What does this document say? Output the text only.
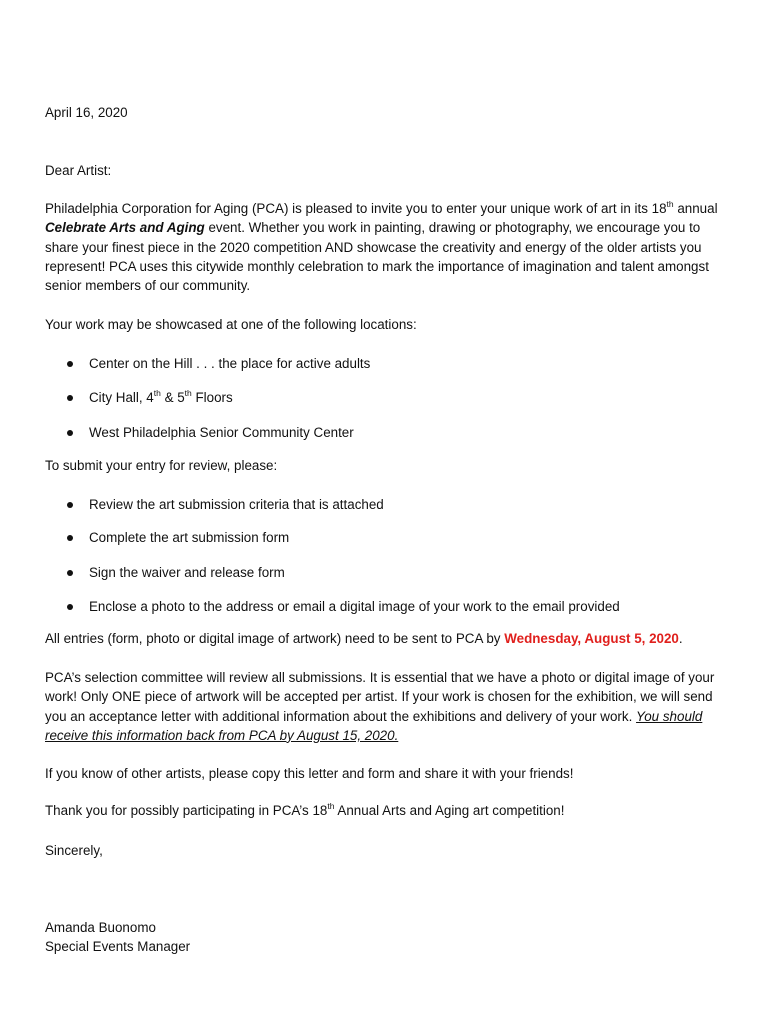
April 16, 2020
Dear Artist:
Philadelphia Corporation for Aging (PCA) is pleased to invite you to enter your unique work of art in its 18th annual Celebrate Arts and Aging event. Whether you work in painting, drawing or photography, we encourage you to share your finest piece in the 2020 competition AND showcase the creativity and energy of the older artists you represent! PCA uses this citywide monthly celebration to mark the importance of imagination and talent amongst senior members of our community.
Your work may be showcased at one of the following locations:
Center on the Hill . . . the place for active adults
City Hall, 4th & 5th Floors
West Philadelphia Senior Community Center
To submit your entry for review, please:
Review the art submission criteria that is attached
Complete the art submission form
Sign the waiver and release form
Enclose a photo to the address or email a digital image of your work to the email provided
All entries (form, photo or digital image of artwork) need to be sent to PCA by Wednesday, August 5, 2020.
PCA’s selection committee will review all submissions. It is essential that we have a photo or digital image of your work! Only ONE piece of artwork will be accepted per artist. If your work is chosen for the exhibition, we will send you an acceptance letter with additional information about the exhibitions and delivery of your work. You should receive this information back from PCA by August 15, 2020.
If you know of other artists, please copy this letter and form and share it with your friends!
Thank you for possibly participating in PCA’s 18th Annual Arts and Aging art competition!
Sincerely,
Amanda Buonomo
Special Events Manager
